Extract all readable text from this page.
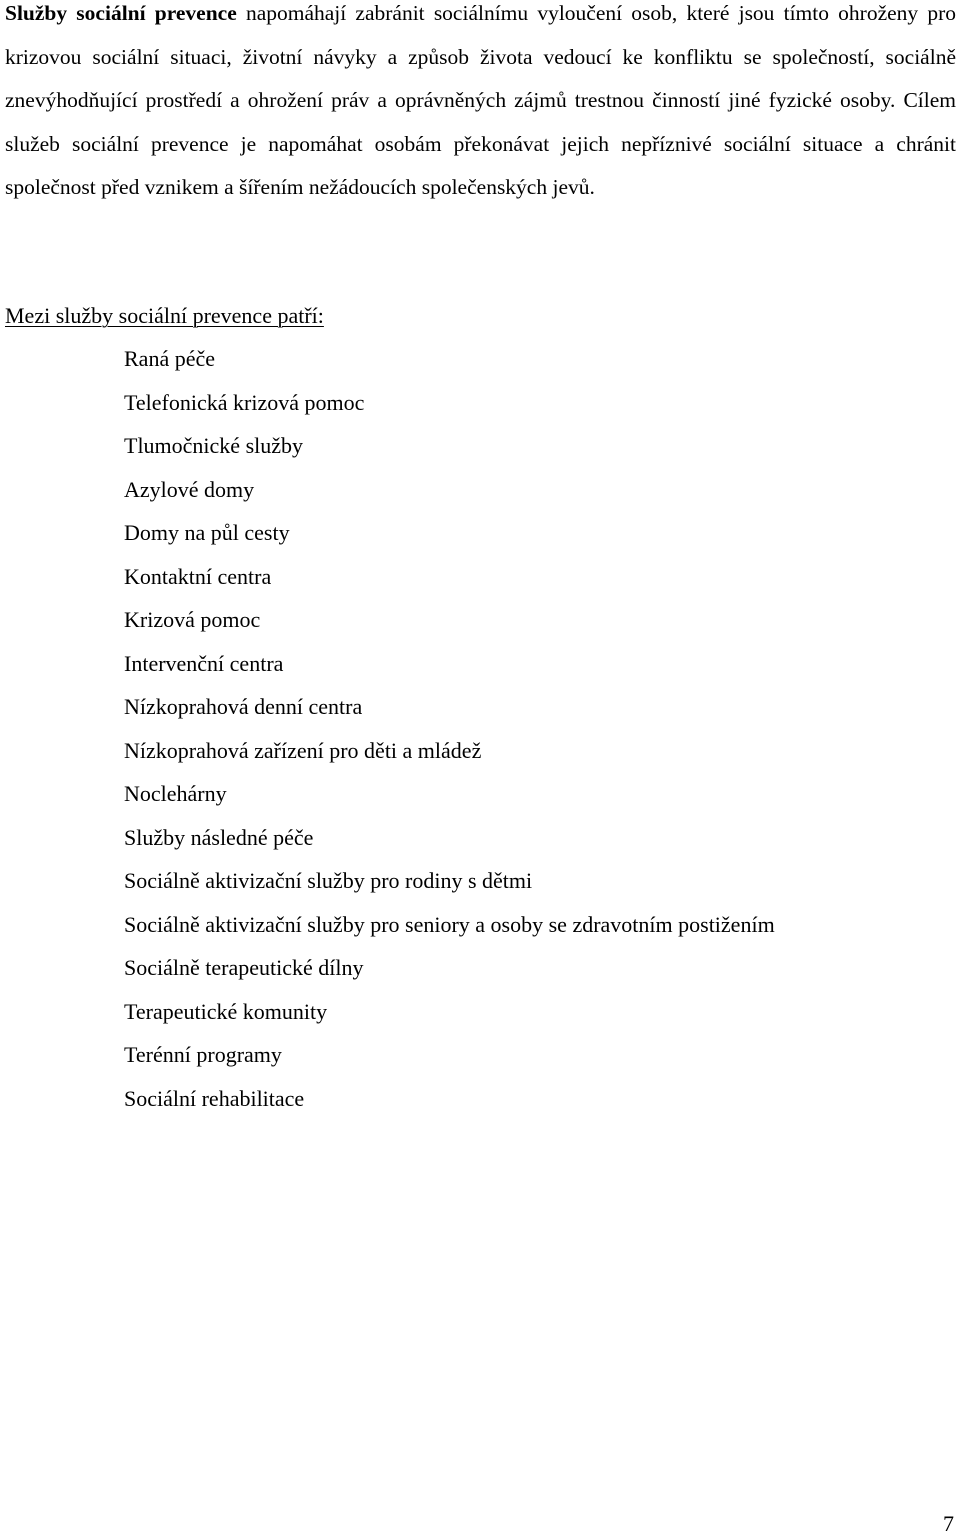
Služby sociální prevence napomáhají zabránit sociálnímu vyloučení osob, které jsou tímto ohroženy pro krizovou sociální situaci, životní návyky a způsob života vedoucí ke konfliktu se společností, sociálně znevýhodňující prostředí a ohrožení práv a oprávněných zájmů trestnou činností jiné fyzické osoby. Cílem služeb sociální prevence je napomáhat osobám překonávat jejich nepříznivé sociální situace a chránit společnost před vznikem a šířením nežádoucích společenských jevů.

Mezi služby sociální prevence patří:

Raná péče
Telefonická krizová pomoc
Tlumočnické služby
Azylové domy
Domy na půl cesty
Kontaktní centra
Krizová pomoc
Intervenční centra
Nízkoprahová denní centra
Nízkoprahová zařízení pro děti a mládež
Noclehárny
Služby následné péče
Sociálně aktivizační služby pro rodiny s dětmi
Sociálně aktivizační služby pro seniory a osoby se zdravotním postižením
Sociálně terapeutické dílny
Terapeutické komunity
Terénní programy
Sociální rehabilitace
7
